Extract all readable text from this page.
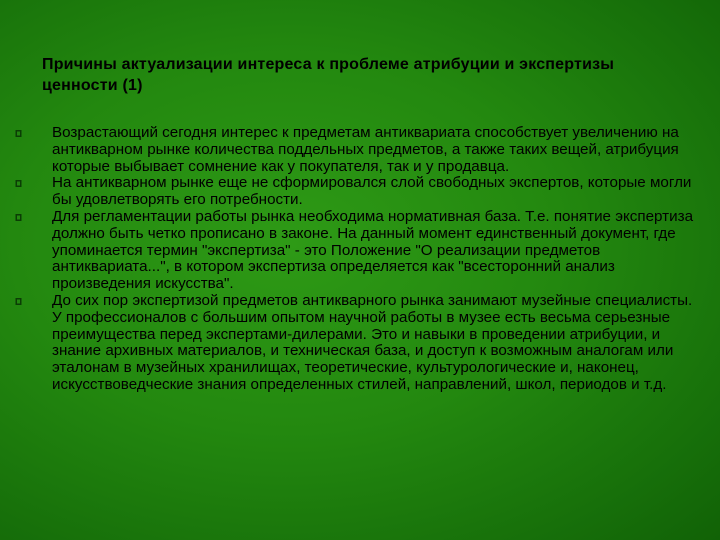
Причины актуализации интереса к проблеме атрибуции и экспертизы ценности (1)
Возрастающий сегодня интерес к предметам антиквариата способствует увеличению на антикварном рынке количества поддельных предметов, а также таких вещей, атрибуция которые выбывает сомнение как у покупателя, так и у продавца.
На антикварном рынке еще не сформировался слой свободных экспертов, которые могли бы удовлетворять его потребности.
Для регламентации работы рынка необходима нормативная база. Т.е. понятие экспертиза должно быть четко прописано в законе. На данный момент единственный документ, где упоминается термин "экспертиза" - это Положение "О реализации предметов антиквариата...", в котором экспертиза определяется как "всесторонний анализ произведения искусства".
До сих пор экспертизой предметов антикварного рынка занимают музейные специалисты. У профессионалов с большим опытом научной работы в музее есть весьма серьезные преимущества перед экспертами-дилерами. Это и навыки в проведении атрибуции, и знание архивных материалов, и техническая база, и доступ к возможным аналогам или эталонам в музейных хранилищах, теоретические, культурологические и, наконец, искусствоведческие знания определенных стилей, направлений, школ, периодов и т.д.
